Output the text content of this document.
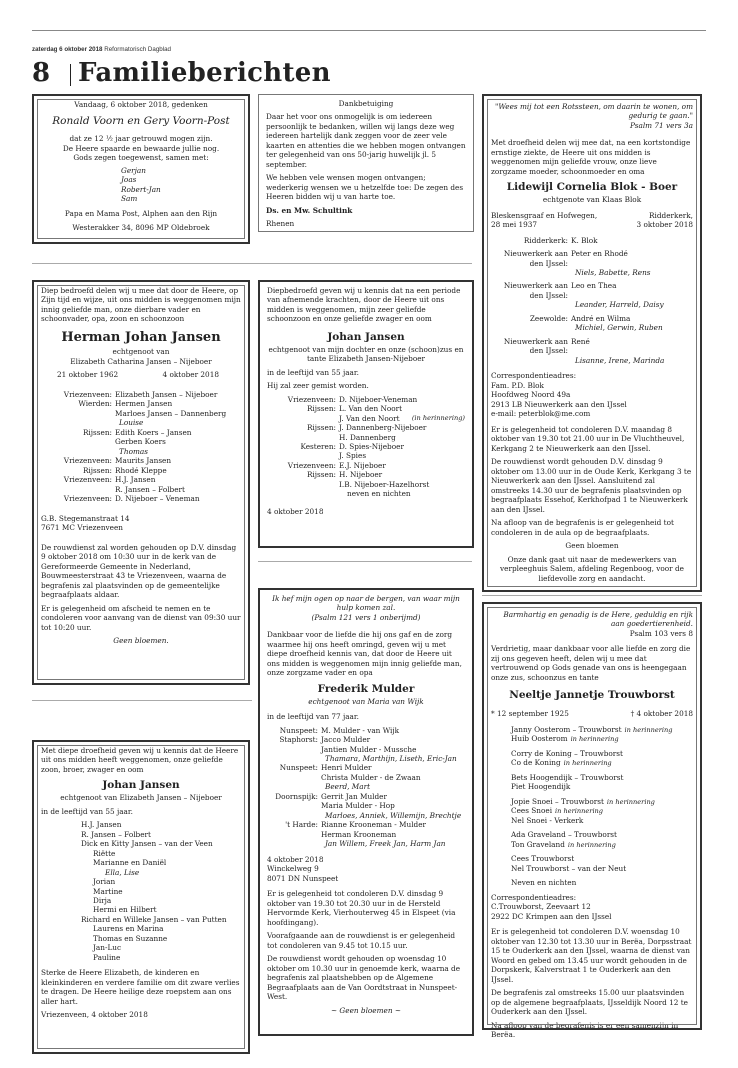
zaterdag 6 oktober 2018 Reformatorisch Dagblad
8 Familieberichten
Vandaag, 6 oktober 2018, gedenken
Ronald Voorn en Gery Voorn-Post
dat ze 12 ½ jaar getrouwd mogen zijn.
De Heere spaarde en bewaarde jullie nog.
Gods zegen toegewenst, samen met:
Gerjan
Joas
Robert-Jan
Sam
Papa en Mama Post, Alphen aan den Rijn
Westerakker 34, 8096 MP Oldebroek
Dankbetuiging

Daar het voor ons onmogelijk is om iedereen persoonlijk te bedanken, willen wij langs deze weg iedereen hartelijk dank zeggen voor de zeer vele kaarten en attenties die we hebben mogen ontvangen ter gelegenheid van ons 50-jarig huwelijk jl. 5 september.

We hebben vele wensen mogen ontvangen; wederkerig wensen we u hetzelfde toe: De zegen des Heeren bidden wij u van harte toe.

Ds. en Mw. Schultink

Rhenen
"Wees mij tot een Rotssteen, om daarin te wonen, om gedurig te gaan."
Psalm 71 vers 3a

Met droefheid delen wij mee dat, na een kortstondige ernstige ziekte, de Heere uit ons midden is weggenomen mijn geliefde vrouw, onze lieve zorgzame moeder, schoonmoeder en oma

Lidewijl Cornelia Blok - Boer
echtgenote van Klaas Blok
Bleskensgraaf en Hofwegen,	Ridderkerk,
28 mei 1937	3 oktober 2018
Ridderkerk: K. Blok
Nieuwerkerk aan den IJssel:
Peter en Rhodé
Niels, Babette, Rens
Nieuwerkerk aan den IJssel:
Leo en Thea
Leander, Harreld, Daisy
Zeewolde: André en Wilma
Michiel, Gerwin, Ruben
Nieuwerkerk aan den IJssel:
René
Lisanne, Irene, Marinda
Correspondentieadres:
Fam. P.D. Blok
Hoofdweg Noord 49a
2913 LB Nieuwerkerk aan den IJssel
e-mail: peterblok@me.com

Er is gelegenheid tot condoleren D.V. maandag 8 oktober van 19.30 tot 21.00 uur in De Vluchtheuvel, Kerkgang 2 te Nieuwerkerk aan den IJssel.

De rouwdienst wordt gehouden D.V. dinsdag 9 oktober om 13.00 uur in de Oude Kerk, Kerkgang 3 te Nieuwerkerk aan den IJssel. Aansluitend zal omstreeks 14.30 uur de begrafenis plaatsvinden op begraafplaats Essehof, Kerkhofpad 1 te Nieuwerkerk aan den IJssel.

Na afloop van de begrafenis is er gelegenheid tot condoleren in de aula op de begraafplaats.

Geen bloemen
Onze dank gaat uit naar de medewerkers van verpleeghuis Salem, afdeling Regenboog, voor de liefdevolle zorg en aandacht.

Diep bedroefd delen wij u mee dat door de Heere, op Zijn tijd en wijze, uit ons midden is weggenomen mijn innig geliefde man, onze dierbare vader en schoonvader, opa, zoon en schoonzoon

Herman Johan Jansen
echtgenoot van
Elizabeth Catharina Jansen – Nijeboer
21 oktober 1962	4 oktober 2018
Vriezenveen: Elizabeth Jansen – Nijeboer
Wierden: Hermen Jansen
Marloes Jansen – Dannenberg
Louise
Rijssen: Edith Koers – Jansen
Gerben Koers
Thomas
Vriezenveen: Maurits Jansen
Rijssen: Rhodé Kleppe
Vriezenveen: H.J. Jansen
R. Jansen – Folbert
Vriezenveen: D. Nijeboer – Veneman
G.B. Stegemanstraat 14
7671 MC Vriezenveen

De rouwdienst zal worden gehouden op D.V. dinsdag 9 oktober 2018 om 10:30 uur in de kerk van de Gereformeerde Gemeente in Nederland, Bouwmeesterstraat 43 te Vriezenveen, waarna de begrafenis zal plaatsvinden op de gemeentelijke begraafplaats aldaar.

Er is gelegenheid om afscheid te nemen en te condoleren voor aanvang van de dienst van 09:30 uur tot 10:20 uur.

Geen bloemen.

Diepbedroefd geven wij u kennis dat na een periode van afnemende krachten, door de Heere uit ons midden is weggenomen, mijn zeer geliefde schoonzoon en onze geliefde zwager en oom

Johan Jansen

echtgenoot van mijn dochter en onze (schoon)zus en tante Elizabeth Jansen-Nijeboer

in de leeftijd van 55 jaar.

Hij zal zeer gemist worden.

Vriezenveen: D. Nijeboer-Veneman
Rijssen: L. Van den Noort
J. Van den Noort	(in herinnering)
Rijssen: J. Dannenberg-Nijeboer
H. Dannenberg
Kesteren: D. Spies-Nijeboer
J. Spies
Vriezenveen: E.J. Nijeboer
Rijssen: H. Nijeboer
I.B. Nijeboer-Hazelhorst
neven en nichten
4 oktober 2018

Met diepe droefheid geven wij u kennis dat de Heere uit ons midden heeft weggenomen, onze geliefde zoon, broer, zwager en oom

Johan Jansen

echtgenoot van Elizabeth Jansen – Nijeboer

in de leeftijd van 55 jaar.

H.J. Jansen
R. Jansen – Folbert
Dick en Kitty Jansen – van der Veen
Riëtte
Marianne en Daniël
Ella, Lise
Jorian
Martine
Dirja
Hermi en Hilbert
Richard en Willeke Jansen – van Putten
Laurens en Marina
Thomas en Suzanne
Jan-Luc
Pauline

Sterke de Heere Elizabeth, de kinderen en kleinkinderen en verdere familie om dit zware verlies te dragen. De Heere heilige deze roepstem aan ons aller hart.

Vriezenveen, 4 oktober 2018
Ik hef mijn ogen op naar de bergen, van waar mijn hulp komen zal.
(Psalm 121 vers 1 onberijmd)

Dankbaar voor de liefde die hij ons gaf en de zorg waarmee hij ons heeft omringd, geven wij u met diepe droefheid kennis van, dat door de Heere uit ons midden is weggenomen mijn innig geliefde man, onze zorgzame vader en opa

Frederik Mulder
echtgenoot van Maria van Wijk

in de leeftijd van 77 jaar.

Nunspeet: M. Mulder - van Wijk
Staphorst: Jacco Mulder
Jantien Mulder - Mussche
Thamara, Marthijn, Liseth, Eric-Jan
Nunspeet: Henri Mulder
Christa Mulder - de Zwaan
Beerd, Mart
Doornspijk: Gerrit Jan Mulder
Maria Mulder - Hop
Marloes, Anniek, Willemijn, Brechtje
't Harde: Rianne Krooneman - Mulder
Herman Krooneman
Jan Willem, Freek Jan, Harm Jan
4 oktober 2018
Winckelweg 9
8071 DN Nunspeet

Er is gelegenheid tot condoleren D.V. dinsdag 9 oktober van 19.30 tot 20.30 uur in de Hersteld Hervormde Kerk, Vierhouterweg 45 in Elspeet (via hoofdingang).

Voorafgaande aan de rouwdienst is er gelegenheid tot condoleren van 9.45 tot 10.15 uur.

De rouwdienst wordt gehouden op woensdag 10 oktober om 10.30 uur in genoemde kerk, waarna de begrafenis zal plaatshebben op de Algemene Begraafplaats aan de Van Oordtstraat in Nunspeet-West.

~ Geen bloemen ~
Barmhartig en genadig is de Here, geduldig en rijk aan goedertierenheid.
Psalm 103 vers 8

Verdrietig, maar dankbaar voor alle liefde en zorg die zij ons gegeven heeft, delen wij u mee dat vertrouwend op Gods genade van ons is heengegaan onze zus, schoonzus en tante

Neeltje Jannetje Trouwborst
* 12 september 1925	† 4 oktober 2018
Janny Oosterom – Trouwborst in herinnering
Huib Oosterom in herinnering
Corry de Koning – Trouwborst
Co de Koning in herinnering
Bets Hoogendijk – Trouwborst
Piet Hoogendijk
Jopie Snoei – Trouwborst in herinnering
Cees Snoei in herinnering
Nel Snoei - Verkerk
Ada Graveland – Trouwborst
Ton Graveland in herinnering
Cees Trouwborst
Nel Trouwborst – van der Neut
Neven en nichten
Correspondentieadres:
C.Trouwborst, Zeevaart 12
2922 DC Krimpen aan den IJssel

Er is gelegenheid tot condoleren D.V. woensdag 10 oktober van 12.30 tot 13.30 uur in Berëa, Dorpsstraat 15 te Ouderkerk aan den IJssel, waarna de dienst van Woord en gebed om 13.45 uur wordt gehouden in de Dorpskerk, Kalverstraat 1 te Ouderkerk aan den IJssel.

De begrafenis zal omstreeks 15.00 uur plaatsvinden op de algemene begraafplaats, IJsseldijk Noord 12 te Ouderkerk aan den IJssel.

Na afloop van de begrafenis is er een samenzijn in Berëa.
